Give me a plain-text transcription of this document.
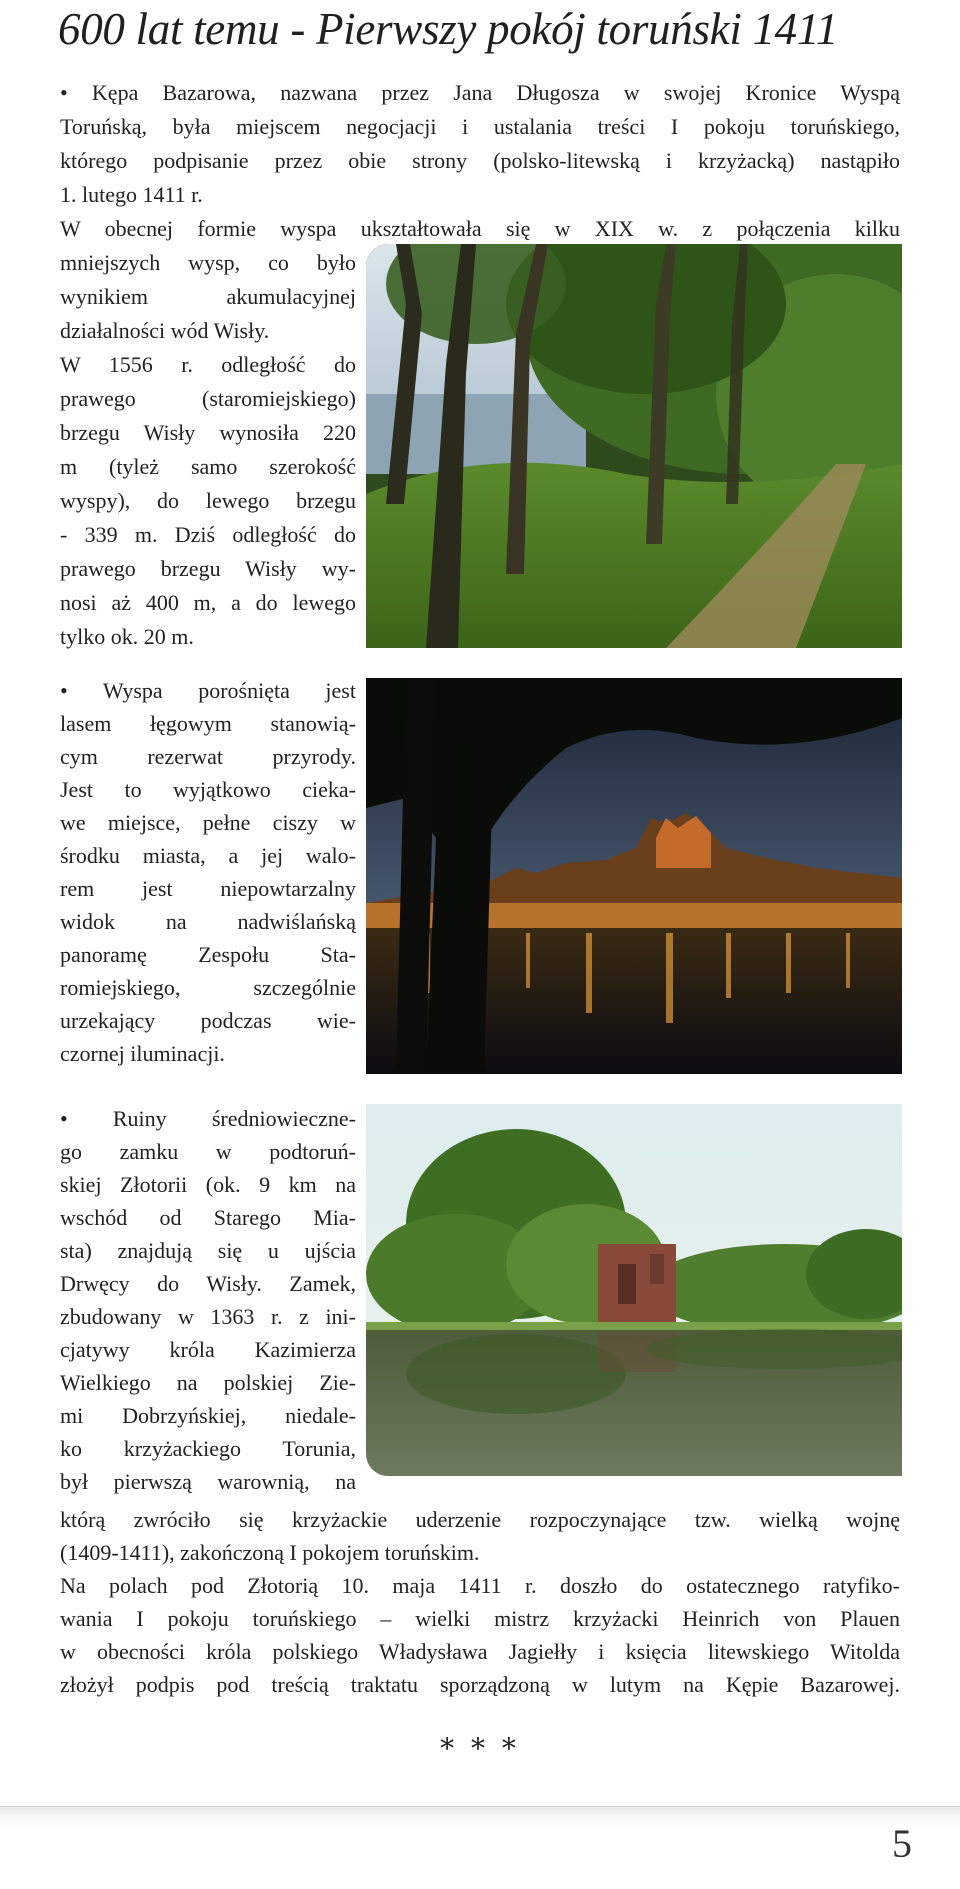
600 lat temu - Pierwszy pokój toruński 1411
• Kępa Bazarowa, nazwana przez Jana Długosza w swojej Kronice Wyspą
Toruńską, była miejscem negocjacji i ustalania treści I pokoju toruńskiego,
którego podpisanie przez obie strony (polsko-litewską i krzyżacką) nastąpiło
1. lutego 1411 r.
W obecnej formie wyspa ukształtowała się w XIX w. z połączenia kilku
mniejszych wysp, co było
wynikiem akumulacyjnej
działalności wód Wisły.
W 1556 r. odległość do
prawego (staromiejskiego)
brzegu Wisły wynosiła 220
m (tyleż samo szerokość
wyspy), do lewego brzegu
- 339 m. Dziś odległość do
prawego brzegu Wisły wy-
nosi aż 400 m, a do lewego
tylko ok. 20 m.
• Wyspa porośnięta jest
lasem łęgowym stanowią-
cym rezerwat przyrody.
Jest to wyjątkowo cieka-
we miejsce, pełne ciszy w
środku miasta, a jej walo-
rem jest niepowtarzalny
widok na nadwiślańską
panoramę Zespołu Sta-
romiejskiego, szczególnie
urzekający podczas wie-
czornej iluminacji.
• Ruiny średniowieczne-
go zamku w podtoruń-
skiej Złotorii (ok. 9 km na
wschód od Starego Mia-
sta) znajdują się u ujścia
Drwęcy do Wisły. Zamek,
zbudowany w 1363 r. z ini-
cjatywy króla Kazimierza
Wielkiego na polskiej Zie-
mi Dobrzyńskiej, niedale-
ko krzyżackiego Torunia,
był pierwszą warownią, na
którą zwróciło się krzyżackie uderzenie rozpoczynające tzw. wielką wojnę
(1409-1411), zakończoną I pokojem toruńskim.
Na polach pod Złotorią 10. maja 1411 r. doszło do ostatecznego ratyfiko-
wania I pokoju toruńskiego – wielki mistrz krzyżacki Heinrich von Plauen
w obecności króla polskiego Władysława Jagiełły i księcia litewskiego Witolda
złożył podpis pod treścią traktatu sporządzoną w lutym na Kępie Bazarowej.
* * *
5
